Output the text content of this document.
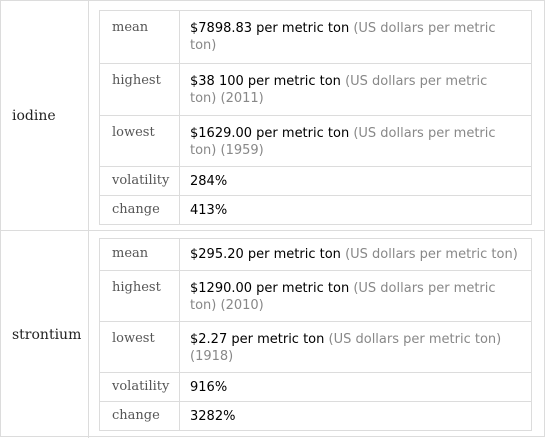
iodine
mean	$7898.83 per metric ton (US dollars per metric ton)
highest $38 100 per metric ton (US dollars per metric ton) (2011)
lowest	$1629.00 per metric ton (US dollars per metric ton) (1959)
volatility 284%
change 413%
strontium
mean	$295.20 per metric ton (US dollars per metric ton)
highest $1290.00 per metric ton (US dollars per metric ton) (2010)
lowest	$2.27 per metric ton (US dollars per metric ton) (1918)
volatility 916%
change 3282%
